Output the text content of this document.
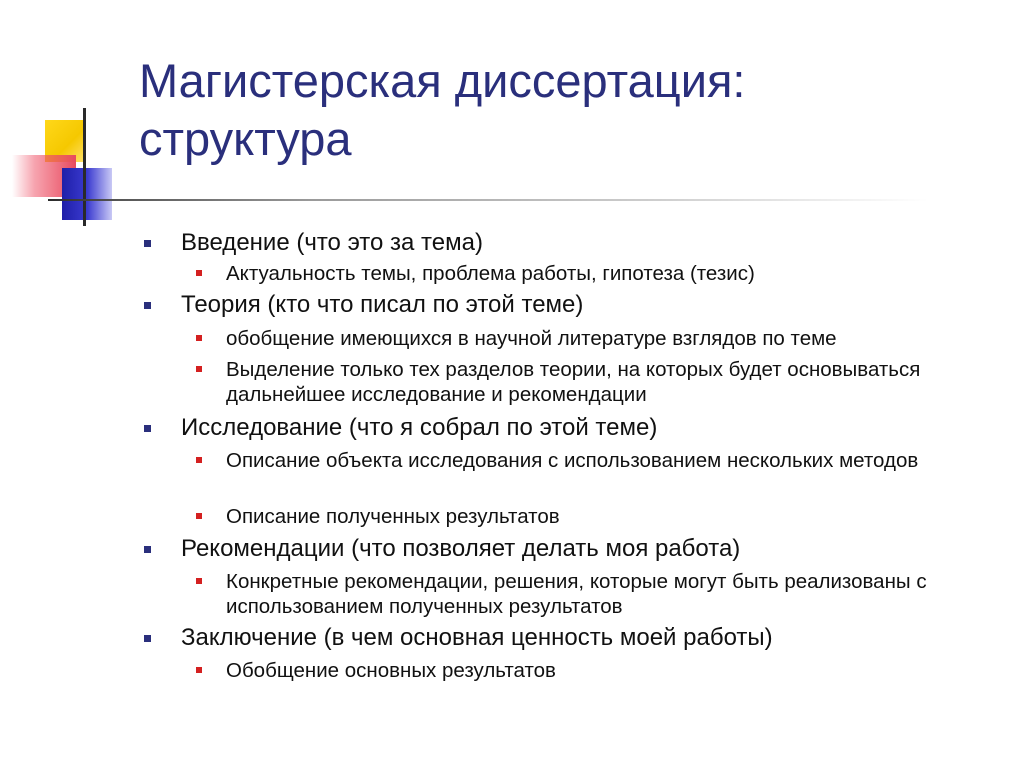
Магистерская диссертация:
структура
Введение (что это за тема)
Актуальность темы, проблема работы, гипотеза (тезис)
Теория (кто что писал по этой теме)
обобщение имеющихся в научной литературе взглядов по теме
Выделение только тех разделов теории, на которых будет основываться дальнейшее исследование и рекомендации
Исследование (что я собрал по этой теме)
Описание объекта исследования с использованием нескольких методов
Описание полученных результатов
Рекомендации (что позволяет делать моя работа)
Конкретные рекомендации, решения, которые могут быть реализованы с использованием полученных результатов
Заключение (в чем основная ценность моей работы)
Обобщение основных результатов
